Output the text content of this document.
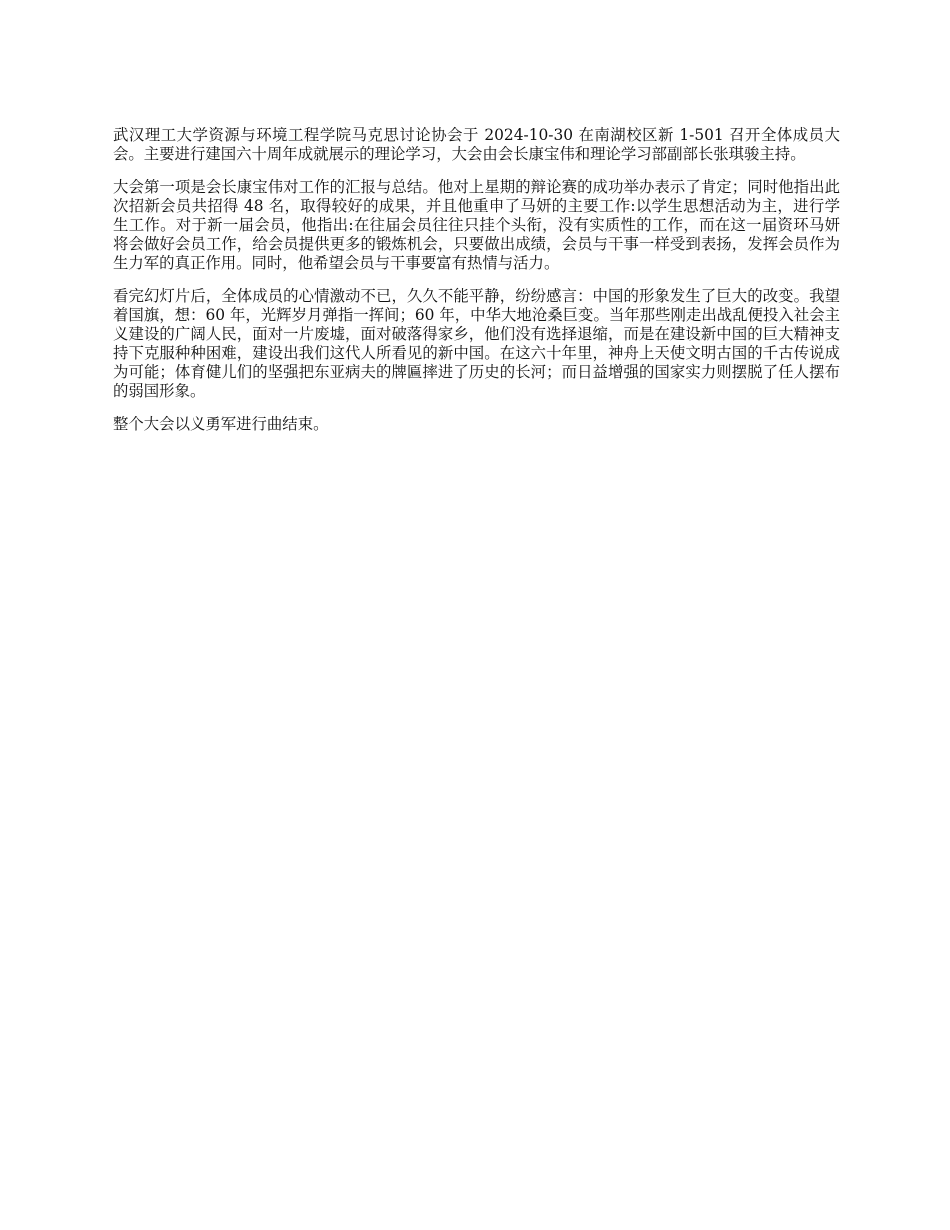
武汉理工大学资源与环境工程学院马克思讨论协会于 2024-10-30 在南湖校区新 1-501 召开全体成员大会。主要进行建国六十周年成就展示的理论学习，大会由会长康宝伟和理论学习部副部长张琪骏主持。

大会第一项是会长康宝伟对工作的汇报与总结。他对上星期的辩论赛的成功举办表示了肯定；同时他指出此次招新会员共招得 48 名，取得较好的成果，并且他重申了马妍的主要工作:以学生思想活动为主，进行学生工作。对于新一届会员，他指出:在往届会员往往只挂个头衔，没有实质性的工作，而在这一届资环马妍将会做好会员工作，给会员提供更多的锻炼机会，只要做出成绩，会员与干事一样受到表扬，发挥会员作为生力军的真正作用。同时，他希望会员与干事要富有热情与活力。

看完幻灯片后，全体成员的心情激动不已，久久不能平静，纷纷感言：中国的形象发生了巨大的改变。我望着国旗，想：60 年，光辉岁月弹指一挥间；60 年，中华大地沧桑巨变。当年那些刚走出战乱便投入社会主义建设的广阔人民，面对一片废墟，面对破落得家乡，他们没有选择退缩，而是在建设新中国的巨大精神支持下克服种种困难，建设出我们这代人所看见的新中国。在这六十年里，神舟上天使文明古国的千古传说成为可能；体育健儿们的坚强把东亚病夫的牌匾摔进了历史的长河；而日益增强的国家实力则摆脱了任人摆布的弱国形象。

整个大会以义勇军进行曲结束。
